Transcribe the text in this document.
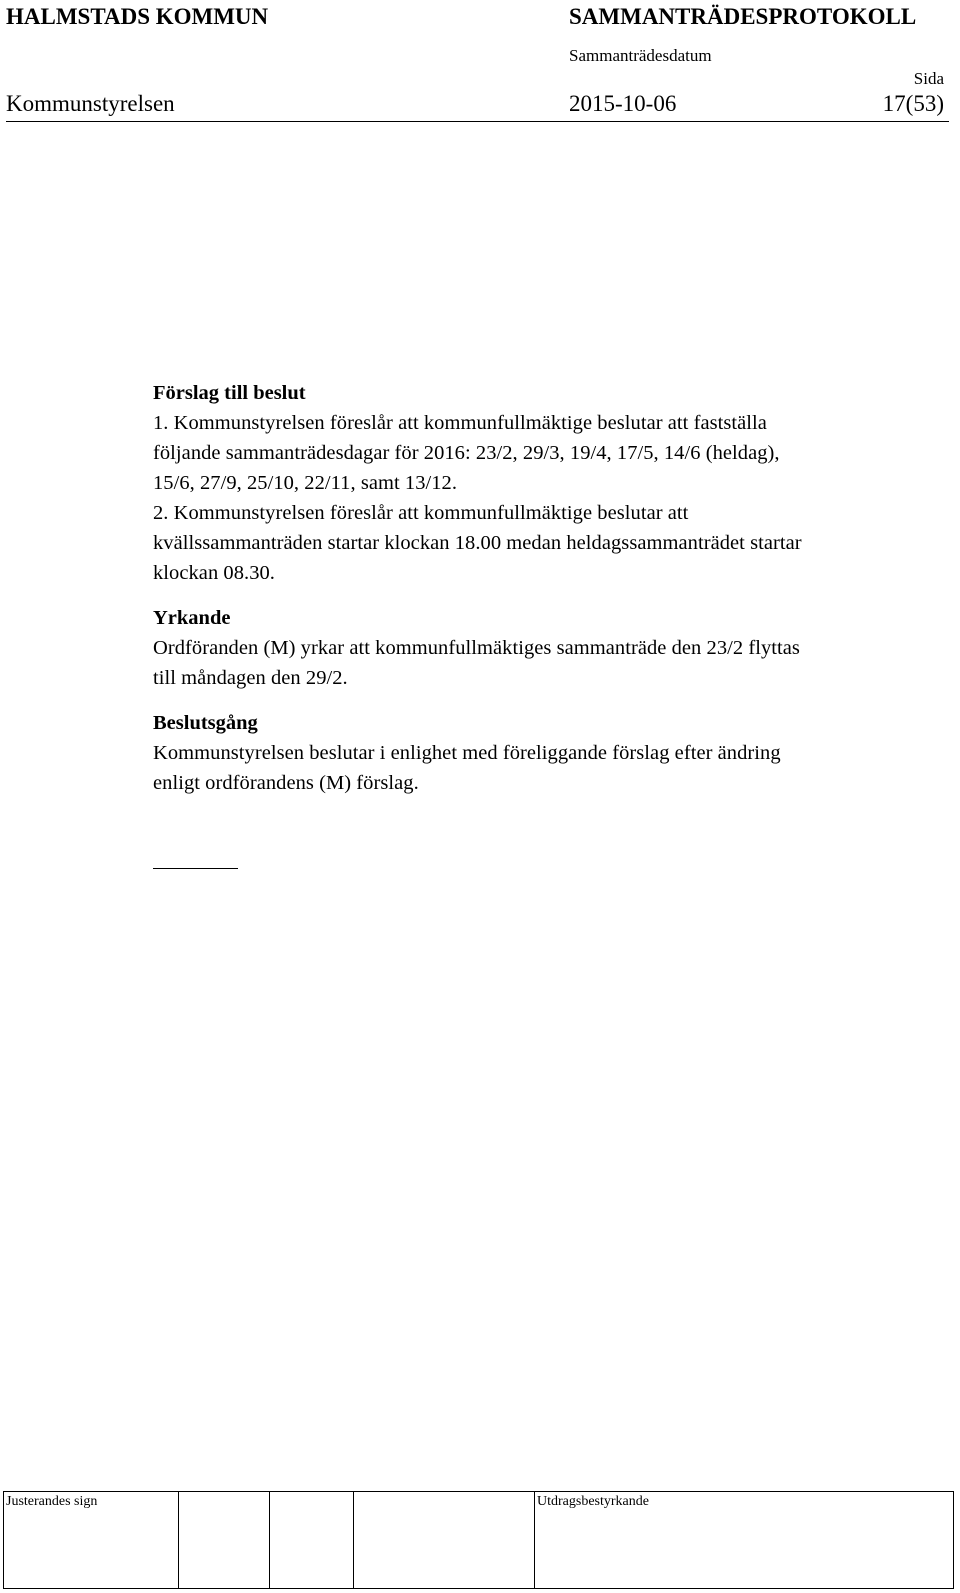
HALMSTADS KOMMUN	SAMMANTRÄDESPROTOKOLL
Sammanträdesdatum
Sida
Kommunstyrelsen	2015-10-06	17(53)
Förslag till beslut

1. Kommunstyrelsen föreslår att kommunfullmäktige beslutar att fastställa

följande sammanträdesdagar för 2016: 23/2, 29/3, 19/4, 17/5, 14/6 (heldag),

15/6, 27/9, 25/10, 22/11, samt 13/12.

2. Kommunstyrelsen föreslår att kommunfullmäktige beslutar att

kvällssammanträden startar klockan 18.00 medan heldagssammanträdet startar

klockan 08.30.

Yrkande

Ordföranden (M) yrkar att kommunfullmäktiges sammanträde den 23/2 flyttas

till måndagen den 29/2.

Beslutsgång

Kommunstyrelsen beslutar i enlighet med föreliggande förslag efter ändring

enligt ordförandens (M) förslag.

Justerandes sign				Utdragsbestyrkande
